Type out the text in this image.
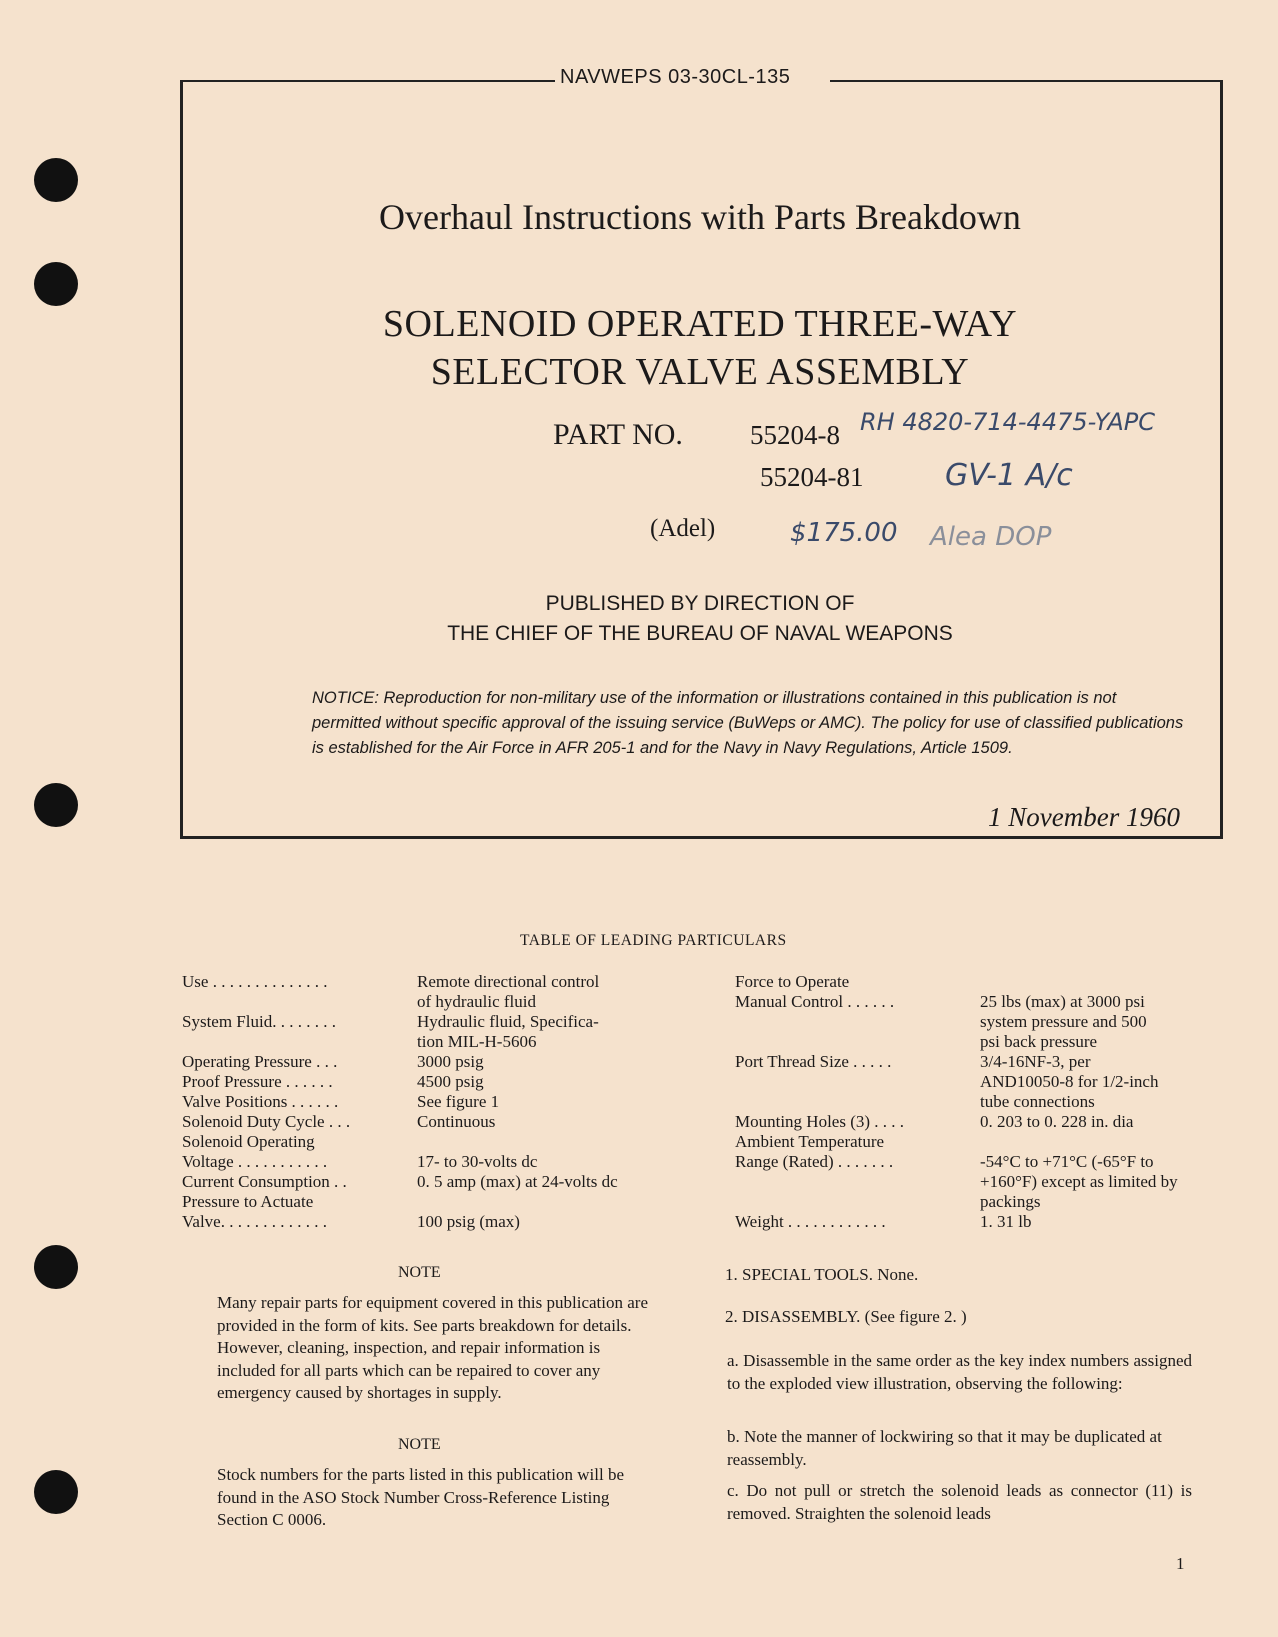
NAVWEPS 03-30CL-135
Overhaul Instructions with Parts Breakdown
SOLENOID OPERATED THREE-WAY
SELECTOR VALVE ASSEMBLY
PART NO. 55204-8
55204-81
(Adel)
RH 4820-714-4475-YAPC
GV-1 A/c
$175.00 Alea DOP
PUBLISHED BY DIRECTION OF
THE CHIEF OF THE BUREAU OF NAVAL WEAPONS

NOTICE: Reproduction for non-military use of the information or illustrations contained in this publication is not permitted without specific approval of the issuing service (BuWeps or AMC). The policy for use of classified publications is established for the Air Force in AFR 205-1 and for the Navy in Navy Regulations, Article 1509.

1 November 1960
TABLE OF LEADING PARTICULARS
Use . . . . . . . . . . . . . .	Remote directional control
of hydraulic fluid
System Fluid. . . . . . . .	Hydraulic fluid, Specifica-
tion MIL-H-5606
Operating Pressure . . .	3000 psig
Proof Pressure . . . . . .	4500 psig
Valve Positions . . . . . .	See figure 1
Solenoid Duty Cycle . . .	Continuous
Solenoid Operating
Voltage . . . . . . . . . . .	17- to 30-volts dc
Current Consumption . .	0. 5 amp (max) at 24-volts dc
Pressure to Actuate
Valve. . . . . . . . . . . . .	100 psig (max)
Force to Operate
Manual Control . . . . . .	25 lbs (max) at 3000 psi
system pressure and 500
psi back pressure
Port Thread Size . . . . .	3/4-16NF-3, per
AND10050-8 for 1/2-inch
tube connections
Mounting Holes (3) . . . .	0. 203 to 0. 228 in. dia
Ambient Temperature
Range (Rated) . . . . . . .	-54°C to +71°C (-65°F to
+160°F) except as limited by
packings
Weight . . . . . . . . . . . .	1. 31 lb
NOTE

Many repair parts for equipment covered in this publication are provided in the form of kits. See parts breakdown for details. However, cleaning, inspection, and repair information is included for all parts which can be repaired to cover any emergency caused by shortages in supply.

NOTE

Stock numbers for the parts listed in this publication will be found in the ASO Stock Number Cross-Reference Listing Section C 0006.

1. SPECIAL TOOLS. None.

2. DISASSEMBLY. (See figure 2. )

a. Disassemble in the same order as the key index numbers assigned to the exploded view illustration, observing the following:

b. Note the manner of lockwiring so that it may be duplicated at reassembly.

c. Do not pull or stretch the solenoid leads as connector (11) is removed. Straighten the solenoid leads

1
